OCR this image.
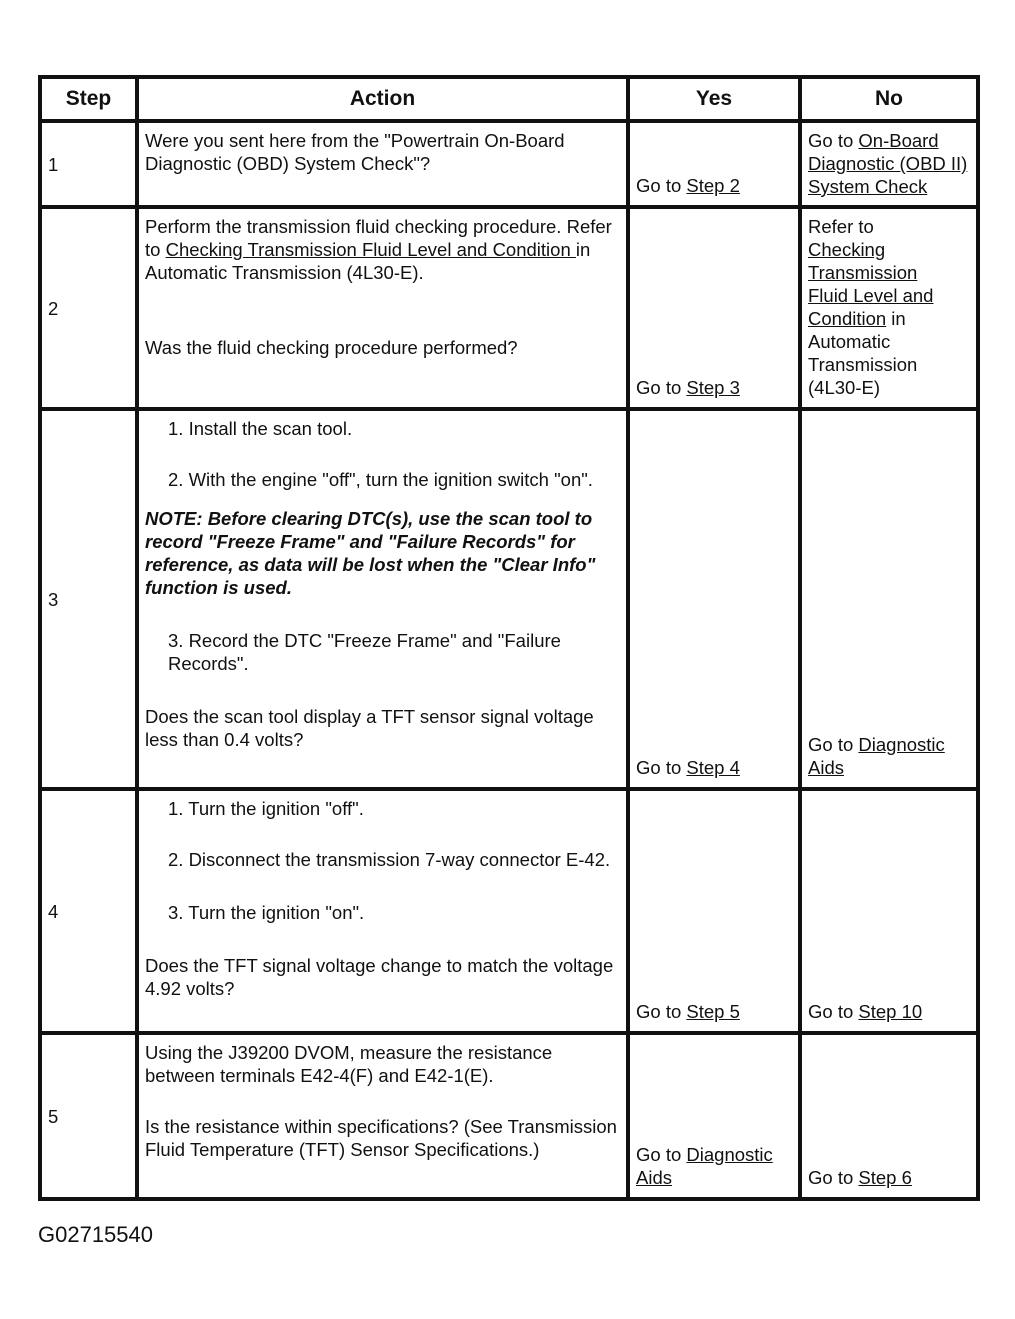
Step	Action	Yes	No
1	Were you sent here from the "Powertrain On-Board Diagnostic (OBD) System Check"?	Go to Step 2	Go to On-Board Diagnostic (OBD II) System Check

2	Perform the transmission fluid checking procedure. Refer to Checking Transmission Fluid Level and Condition in Automatic Transmission (4L30-E).
Was the fluid checking procedure performed?	Go to Step 3	Refer to Checking Transmission Fluid Level and Condition in Automatic Transmission (4L30-E)

3	1. Install the scan tool.
2. With the engine "off", turn the ignition switch "on".
NOTE: Before clearing DTC(s), use the scan tool to record "Freeze Frame" and "Failure Records" for reference, as data will be lost when the "Clear Info" function is used.
3. Record the DTC "Freeze Frame" and "Failure Records".
Does the scan tool display a TFT sensor signal voltage less than 0.4 volts?	Go to Step 4	Go to Diagnostic Aids

4	1. Turn the ignition "off".
2. Disconnect the transmission 7-way connector E-42.
3. Turn the ignition "on".
Does the TFT signal voltage change to match the voltage 4.92 volts?	Go to Step 5	Go to Step 10

5	Using the J39200 DVOM, measure the resistance between terminals E42-4(F) and E42-1(E).
Is the resistance within specifications? (See Transmission Fluid Temperature (TFT) Sensor Specifications.)	Go to Diagnostic Aids	Go to Step 6
G02715540
